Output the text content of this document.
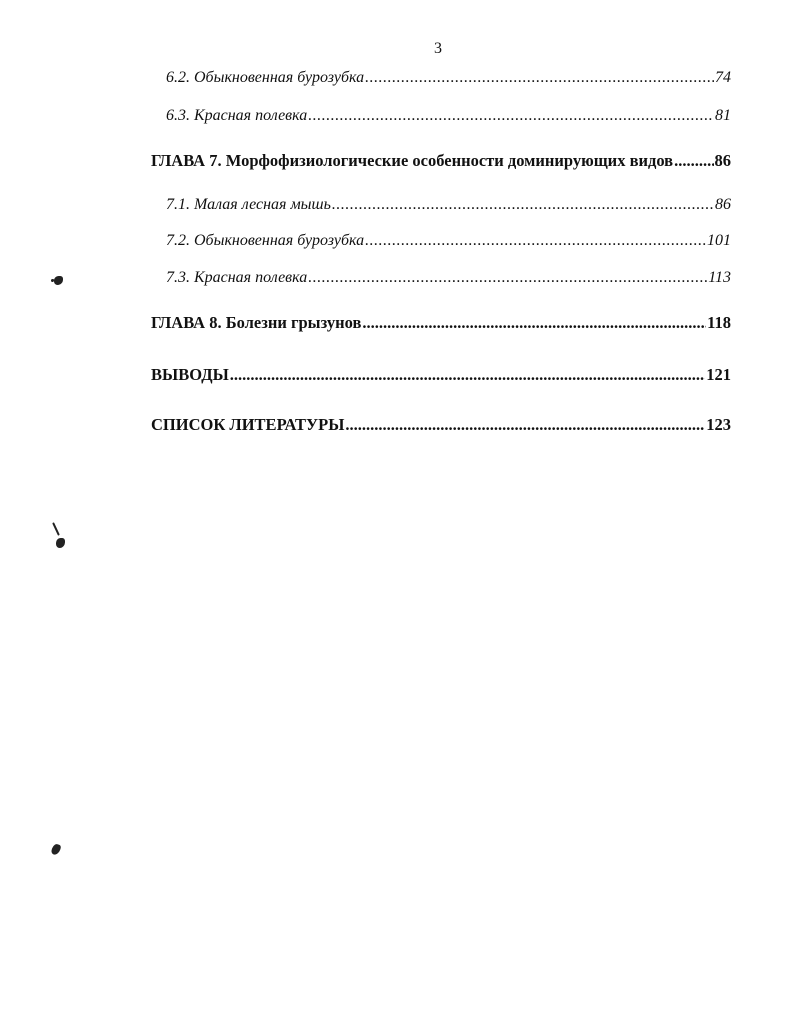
3
6.2. Обыкновенная бурозубка .....	74
6.3. Красная полевка .....	81
ГЛАВА 7. Морфофизиологические особенности доминирующих видов .....	86
7.1. Малая лесная мышь .....	86
7.2. Обыкновенная бурозубка .....	101
7.3. Красная полевка .....	113
ГЛАВА 8. Болезни грызунов .....	118
ВЫВОДЫ .....	121
СПИСОК ЛИТЕРАТУРЫ .....	123
